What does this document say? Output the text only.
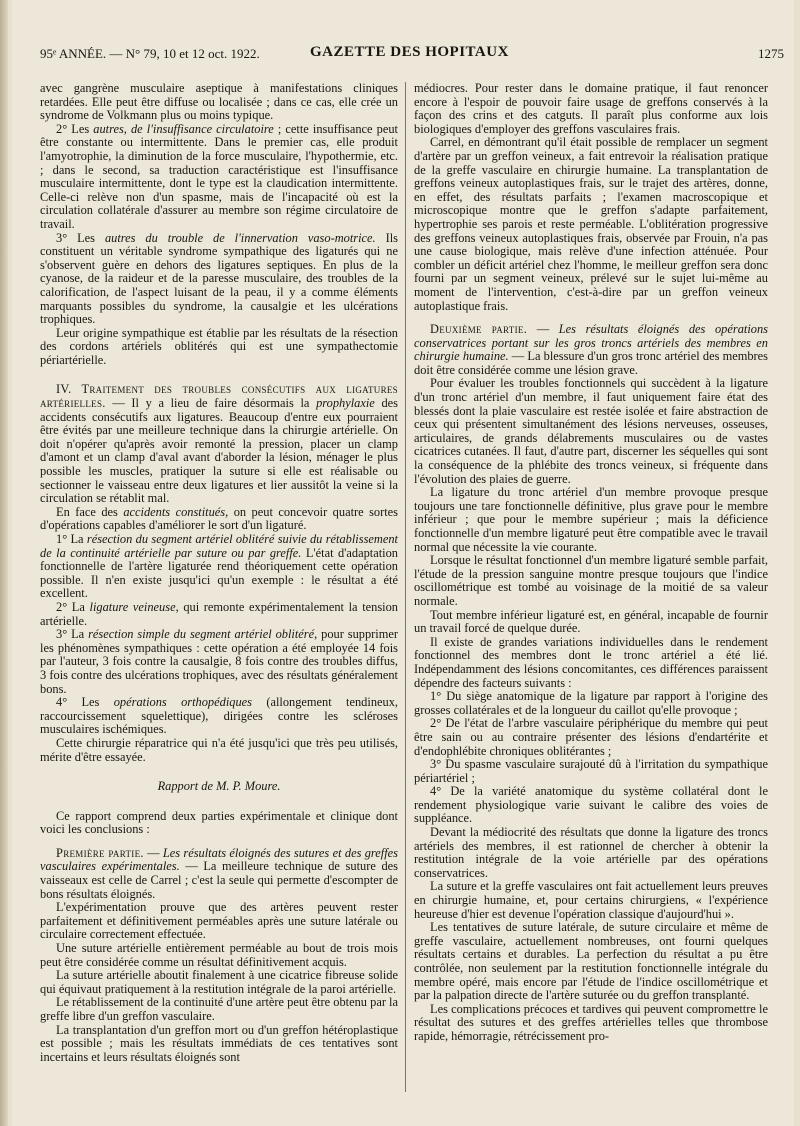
95ᵉ ANNÉE. — N° 79, 10 et 12 oct. 1922.	GAZETTE DES HOPITAUX	1275

avec gangrène musculaire aseptique à manifestations cliniques retardées. Elle peut être diffuse ou localisée ; dans ce cas, elle crée un syndrome de Volkmann plus ou moins typique.

2° Les autres, de l'insuffisance circulatoire ; cette insuffisance peut être constante ou intermittente. Dans le premier cas, elle produit l'amyotrophie, la diminution de la force musculaire, l'hypothermie, etc. ; dans le second, sa traduction caractéristique est l'insuffisance musculaire intermittente, dont le type est la claudication intermittente. Celle-ci relève non d'un spasme, mais de l'incapacité où est la circulation collatérale d'assurer au membre son régime circulatoire de travail.

3° Les autres du trouble de l'innervation vaso-motrice. Ils constituent un véritable syndrome sympathique des ligaturés qui ne s'observent guère en dehors des ligatures septiques. En plus de la cyanose, de la raideur et de la paresse musculaire, des troubles de la calorification, de l'aspect luisant de la peau, il y a comme éléments marquants possibles du syndrome, la causalgie et les ulcérations trophiques.

Leur origine sympathique est établie par les résultats de la résection des cordons artériels oblitérés qui est une sympathectomie périartérielle.

IV. Traitement des troubles consécutifs aux ligatures artérielles. — Il y a lieu de faire désormais la prophylaxie des accidents consécutifs aux ligatures. Beaucoup d'entre eux pourraient être évités par une meilleure technique dans la chirurgie artérielle. On doit n'opérer qu'après avoir remonté la pression, placer un clamp d'amont et un clamp d'aval avant d'aborder la lésion, ménager le plus possible les muscles, pratiquer la suture si elle est réalisable ou sectionner le vaisseau entre deux ligatures et lier aussitôt la veine si la circulation se rétablit mal.

En face des accidents constitués, on peut concevoir quatre sortes d'opérations capables d'améliorer le sort d'un ligaturé.

1° La résection du segment artériel oblitéré suivie du rétablissement de la continuité artérielle par suture ou par greffe. L'état d'adaptation fonctionnelle de l'artère ligaturée rend théoriquement cette opération possible. Il n'en existe jusqu'ici qu'un exemple : le résultat a été excellent.

2° La ligature veineuse, qui remonte expérimentalement la tension artérielle.

3° La résection simple du segment artériel oblitéré, pour supprimer les phénomènes sympathiques : cette opération a été employée 14 fois par l'auteur, 3 fois contre la causalgie, 8 fois contre des troubles diffus, 3 fois contre des ulcérations trophiques, avec des résultats généralement bons.

4° Les opérations orthopédiques (allongement tendineux, raccourcissement squelettique), dirigées contre les scléroses musculaires ischémiques.

Cette chirurgie réparatrice qui n'a été jusqu'ici que très peu utilisés, mérite d'être essayée.

Rapport de M. P. Moure.

Ce rapport comprend deux parties expérimentale et clinique dont voici les conclusions :

Première partie. — Les résultats éloignés des sutures et des greffes vasculaires expérimentales. — La meilleure technique de suture des vaisseaux est celle de Carrel ; c'est la seule qui permette d'escompter de bons résultats éloignés.

L'expérimentation prouve que des artères peuvent rester parfaitement et définitivement perméables après une suture latérale ou circulaire correctement effectuée.

Une suture artérielle entièrement perméable au bout de trois mois peut être considérée comme un résultat définitivement acquis.

La suture artérielle aboutit finalement à une cicatrice fibreuse solide qui équivaut pratiquement à la restitution intégrale de la paroi artérielle.

Le rétablissement de la continuité d'une artère peut être obtenu par la greffe libre d'un greffon vasculaire.

La transplantation d'un greffon mort ou d'un greffon hétéroplastique est possible ; mais les résultats immédiats de ces tentatives sont incertains et leurs résultats éloignés sont

médiocres. Pour rester dans le domaine pratique, il faut renoncer encore à l'espoir de pouvoir faire usage de greffons conservés à la façon des crins et des catguts. Il paraît plus conforme aux lois biologiques d'employer des greffons vasculaires frais.

Carrel, en démontrant qu'il était possible de remplacer un segment d'artère par un greffon veineux, a fait entrevoir la réalisation pratique de la greffe vasculaire en chirurgie humaine. La transplantation de greffons veineux autoplastiques frais, sur le trajet des artères, donne, en effet, des résultats parfaits ; l'examen macroscopique et microscopique montre que le greffon s'adapte parfaitement, hypertrophie ses parois et reste perméable. L'oblitération progressive des greffons veineux autoplastiques frais, observée par Frouin, n'a pas une cause biologique, mais relève d'une infection atténuée. Pour combler un déficit artériel chez l'homme, le meilleur greffon sera donc fourni par un segment veineux, prélevé sur le sujet lui-même au moment de l'intervention, c'est-à-dire par un greffon veineux autoplastique frais.

Deuxième partie. — Les résultats éloignés des opérations conservatrices portant sur les gros troncs artériels des membres en chirurgie humaine. — La blessure d'un gros tronc artériel des membres doit être considérée comme une lésion grave.

Pour évaluer les troubles fonctionnels qui succèdent à la ligature d'un tronc artériel d'un membre, il faut uniquement faire état des blessés dont la plaie vasculaire est restée isolée et faire abstraction de ceux qui présentent simultanément des lésions nerveuses, osseuses, articulaires, de grands délabrements musculaires ou de vastes cicatrices cutanées. Il faut, d'autre part, discerner les séquelles qui sont la conséquence de la phlébite des troncs veineux, si fréquente dans l'évolution des plaies de guerre.

La ligature du tronc artériel d'un membre provoque presque toujours une tare fonctionnelle définitive, plus grave pour le membre inférieur ; que pour le membre supérieur ; mais la déficience fonctionnelle d'un membre ligaturé peut être compatible avec le travail normal que nécessite la vie courante.

Lorsque le résultat fonctionnel d'un membre ligaturé semble parfait, l'étude de la pression sanguine montre presque toujours que l'indice oscillométrique est tombé au voisinage de la moitié de sa valeur normale.

Tout membre inférieur ligaturé est, en général, incapable de fournir un travail forcé de quelque durée.

Il existe de grandes variations individuelles dans le rendement fonctionnel des membres dont le tronc artériel a été lié. Indépendamment des lésions concomitantes, ces différences paraissent dépendre des facteurs suivants :

1° Du siège anatomique de la ligature par rapport à l'origine des grosses collatérales et de la longueur du caillot qu'elle provoque ;

2° De l'état de l'arbre vasculaire périphérique du membre qui peut être sain ou au contraire présenter des lésions d'endartérite et d'endophlébite chroniques oblitérantes ;

3° Du spasme vasculaire surajouté dû à l'irritation du sympathique périartériel ;

4° De la variété anatomique du système collatéral dont le rendement physiologique varie suivant le calibre des voies de suppléance.

Devant la médiocrité des résultats que donne la ligature des troncs artériels des membres, il est rationnel de chercher à obtenir la restitution intégrale de la voie artérielle par des opérations conservatrices.

La suture et la greffe vasculaires ont fait actuellement leurs preuves en chirurgie humaine, et, pour certains chirurgiens, « l'expérience heureuse d'hier est devenue l'opération classique d'aujourd'hui ».

Les tentatives de suture latérale, de suture circulaire et même de greffe vasculaire, actuellement nombreuses, ont fourni quelques résultats certains et durables. La perfection du résultat a pu être contrôlée, non seulement par la restitution fonctionnelle intégrale du membre opéré, mais encore par l'étude de l'indice oscillométrique et par la palpation directe de l'artère suturée ou du greffon transplanté.

Les complications précoces et tardives qui peuvent compromettre le résultat des sutures et des greffes artérielles telles que thrombose rapide, hémorragie, rétrécissement pro-
